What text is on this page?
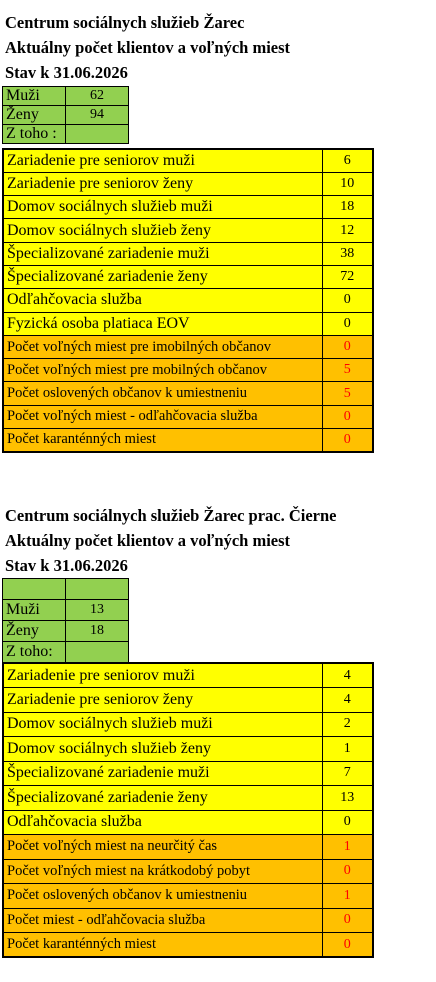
Centrum sociálnych služieb Žarec
Aktuálny počet klientov a voľných miest
Stav k 31.06.2026
Muži	62
Ženy	94
Z toho :	
Zariadenie pre seniorov muži	6
Zariadenie pre seniorov ženy	10
Domov sociálnych služieb muži	18
Domov sociálnych služieb ženy	12
Špecializované zariadenie muži	38
Špecializované zariadenie ženy	72
Odľahčovacia služba	0
Fyzická osoba platiaca EOV	0
Počet voľných miest pre imobilných občanov	0
Počet voľných miest pre mobilných občanov	5
Počet oslovených občanov k umiestneniu	5
Počet voľných miest - odľahčovacia služba	0
Počet karanténných miest	0
Centrum sociálnych služieb Žarec prac. Čierne
Aktuálny počet klientov a voľných miest
Stav k 31.06.2026

Muži	13
Ženy	18
Z toho:	
Zariadenie pre seniorov muži	4
Zariadenie pre seniorov ženy	4
Domov sociálnych služieb muži	2
Domov sociálnych služieb ženy	1
Špecializované zariadenie muži	7
Špecializované zariadenie ženy	13
Odľahčovacia služba	0
Počet voľných miest na neurčitý čas	1
Počet voľných miest na krátkodobý pobyt	0
Počet oslovených občanov k umiestneniu	1
Počet miest - odľahčovacia služba	0
Počet karanténných miest	0
